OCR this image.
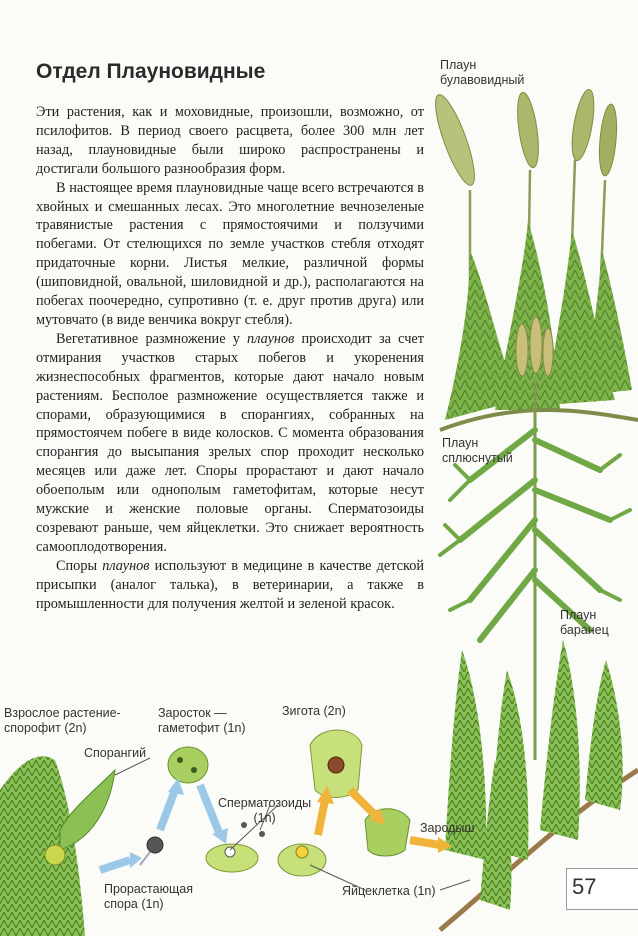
Отдел Плауновидные

Эти растения, как и моховидные, произошли, возможно, от псилофитов. В период своего расцвета, более 300 млн лет назад, плауновидные были широко распространены и достигали большого разнообразия форм.

В настоящее время плауновидные чаще всего встречаются в хвойных и смешанных лесах. Это многолетние вечнозеленые травянистые растения с прямостоячими и ползучими побегами. От стелющихся по земле участков стебля отходят придаточные корни. Листья мелкие, различной формы (шиповидной, овальной, шиловидной и др.), располагаются на побегах поочередно, супротивно (т. е. друг против друга) или мутовчато (в виде венчика вокруг стебля).

Вегетативное размножение у плаунов происходит за счет отмирания участков старых побегов и укоренения жизнеспособных фрагментов, которые дают начало новым растениям. Бесполое размножение осуществляется также и спорами, образующимися в спорангиях, собранных на прямостоячем побеге в виде колосков. С момента образования спорангия до высыпания зрелых спор проходит несколько месяцев или даже лет. Споры прорастают и дают начало обоеполым или однополым гаметофитам, которые несут мужские и женские половые органы. Сперматозоиды созревают раньше, чем яйцеклетки. Это снижает вероятность самооплодотворения.

Споры плаунов используют в медицине в качестве детской присыпки (аналог талька), в ветеринарии, а также в промышленности для получения желтой и зеленой красок.

Плаун
булавовидный
Плаун
сплюснутый
Плаун
баранец
Взрослое растение-
спорофит (2n)
Спорангий
Заросток —
гаметофит (1n)
Зигота (2n)
Сперматозоиды
(1n)
Зародыш
Прорастающая
спора (1n)
Яйцеклетка (1n)	57
